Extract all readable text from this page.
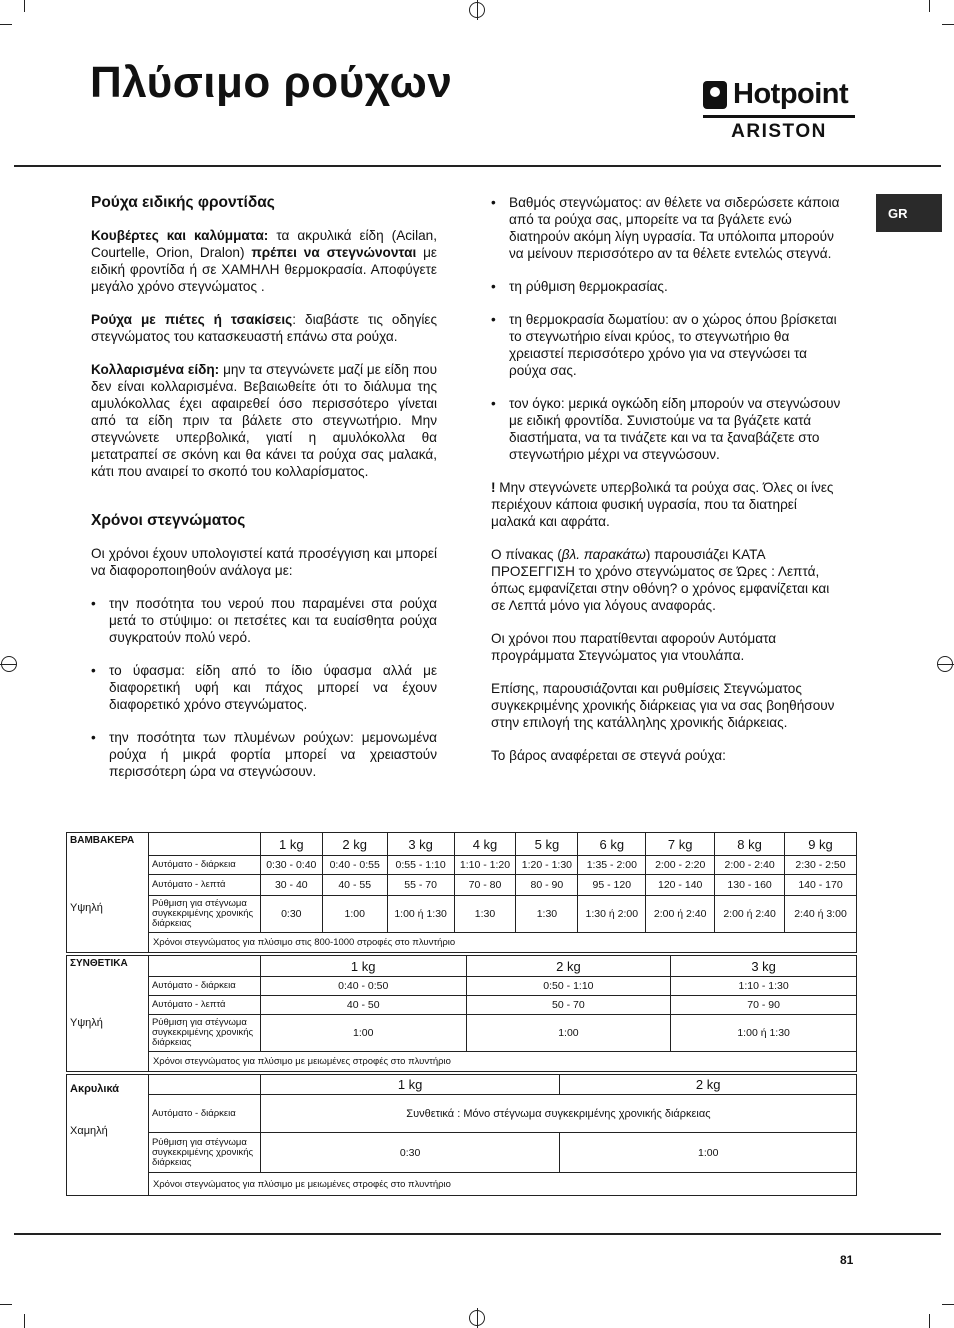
Πλύσιμο ρούχων	Hotpoint
ARISTON
GR
Ρούχα ειδικής φροντίδας

Κουβέρτες και καλύμματα: τα ακρυλικά είδη (Acilan, Courtelle, Orion, Dralon) πρέπει να στεγνώνονται με ειδική φροντίδα ή σε ΧΑΜΗΛΗ θερμοκρασία. Αποφύγετε μεγάλο χρόνο στεγνώματος .

Ρούχα με πιέτες ή τσακίσεις: διαβάστε τις οδηγίες στεγνώματος του κατασκευαστή επάνω στα ρούχα.

Κολλαρισμένα είδη: μην τα στεγνώνετε μαζί με είδη που δεν είναι κολλαρισμένα. Βεβαιωθείτε ότι το διάλυμα της αμυλόκολλας έχει αφαιρεθεί όσο περισσότερο γίνεται από τα είδη πριν τα βάλετε στο στεγνωτήριο. Μην στεγνώνετε υπερβολικά, γιατί η αμυλόκολλα θα μετατραπεί σε σκόνη και θα κάνει τα ρούχα σας μαλακά, κάτι που αναιρεί το σκοπό του κολλαρίσματος.

Χρόνοι στεγνώματος

Οι χρόνοι έχουν υπολογιστεί κατά προσέγγιση και μπορεί να διαφοροποιηθούν ανάλογα με:

• την ποσότητα του νερού που παραμένει στα ρούχα μετά το στύψιμο: οι πετσέτες και τα ευαίσθητα ρούχα συγκρατούν πολύ νερό.
• το ύφασμα: είδη από το ίδιο ύφασμα αλλά με διαφορετική υφή και πάχος μπορεί να έχουν διαφορετικό χρόνο στεγνώματος.
• την ποσότητα των πλυμένων ρούχων: μεμονωμένα ρούχα ή μικρά φορτία μπορεί να χρειαστούν περισσότερη ώρα να στεγνώσουν.
• Βαθμός στεγνώματος: αν θέλετε να σιδερώσετε κάποια από τα ρούχα σας, μπορείτε να τα βγάλετε ενώ διατηρούν ακόμη λίγη υγρασία. Τα υπόλοιπα μπορούν να μείνουν περισσότερο αν τα θέλετε εντελώς στεγνά.
• τη ρύθμιση θερμοκρασίας.
• τη θερμοκρασία δωματίου: αν ο χώρος όπου βρίσκεται το στεγνωτήριο είναι κρύος, το στεγνωτήριο θα χρειαστεί περισσότερο χρόνο για να στεγνώσει τα ρούχα σας.
• τον όγκο: μερικά ογκώδη είδη μπορούν να στεγνώσουν με ειδική φροντίδα. Συνιστούμε να τα βγάζετε κατά διαστήματα, να τα τινάζετε και να τα ξαναβάζετε στο στεγνωτήριο μέχρι να στεγνώσουν.

! Μην στεγνώνετε υπερβολικά τα ρούχα σας. Όλες οι ίνες περιέχουν κάποια φυσική υγρασία, που τα διατηρεί μαλακά και αφράτα.

Ο πίνακας (βλ. παρακάτω) παρουσιάζει ΚΑΤΑ ΠΡΟΣΕΓΓΙΣΗ το χρόνο στεγνώματος σε Ώρες : Λεπτά, όπως εμφανίζεται στην οθόνη? ο χρόνος εμφανίζεται και σε Λεπτά μόνο για λόγους αναφοράς.

Οι χρόνοι που παρατίθενται αφορούν Αυτόματα προγράμματα Στεγνώματος για ντουλάπα.

Επίσης, παρουσιάζονται και ρυθμίσεις Στεγνώματος συγκεκριμένης χρονικής διάρκειας για να σας βοηθήσουν στην επιλογή της κατάλληλης χρονικής διάρκειας.

Το βάρος αναφέρεται σε στεγνά ρούχα:

ΒΑΜΒΑΚΕΡΑ
Υψηλή		1 kg	2 kg	3 kg	4 kg	5 kg	6 kg	7 kg	8 kg	9 kg
	Αυτόματο - διάρκεια	0:30 - 0:40	0:40 - 0:55	0:55 - 1:10	1:10 - 1:20	1:20 - 1:30	1:35 - 2:00	2:00 - 2:20	2:00 - 2:40	2:30 - 2:50
	Αυτόματο - λεπτά	30 - 40	40 - 55	55 - 70	70 - 80	80 - 90	95 - 120	120 - 140	130 - 160	140 - 170
	Ρύθμιση για στέγνωμα συγκεκριμένης χρονικής διάρκειας	0:30	1:00	1:00 ή 1:30	1:30	1:30	1:30 ή 2:00	2:00 ή 2:40	2:00 ή 2:40	2:40 ή 3:00
	Χρόνοι στεγνώματος για πλύσιμο στις 800-1000 στροφές στο πλυντήριο									
ΣΥΝΘΕΤΙΚΑ
Υψηλή		1 kg	2 kg	3 kg
	Αυτόματο - διάρκεια	0:40 - 0:50	0:50 - 1:10	1:10 - 1:30
	Αυτόματο - λεπτά	40 - 50	50 - 70	70 - 90
	Ρύθμιση για στέγνωμα συγκεκριμένης χρονικής διάρκειας	1:00	1:00	1:00 ή 1:30
	Χρόνοι στεγνώματος για πλύσιμο με μειωμένες στροφές στο πλυντήριο			
Ακρυλικά
Χαμηλή		1 kg	2 kg
	Αυτόματο - διάρκεια	Συνθετικά : Μόνο στέγνωμα συγκεκριμένης χρονικής διάρκειας	
	Ρύθμιση για στέγνωμα συγκεκριμένης χρονικής διάρκειας	0:30	1:00
	Χρόνοι στεγνώματος για πλύσιμο με μειωμένες στροφές στο πλυντήριο		
81
